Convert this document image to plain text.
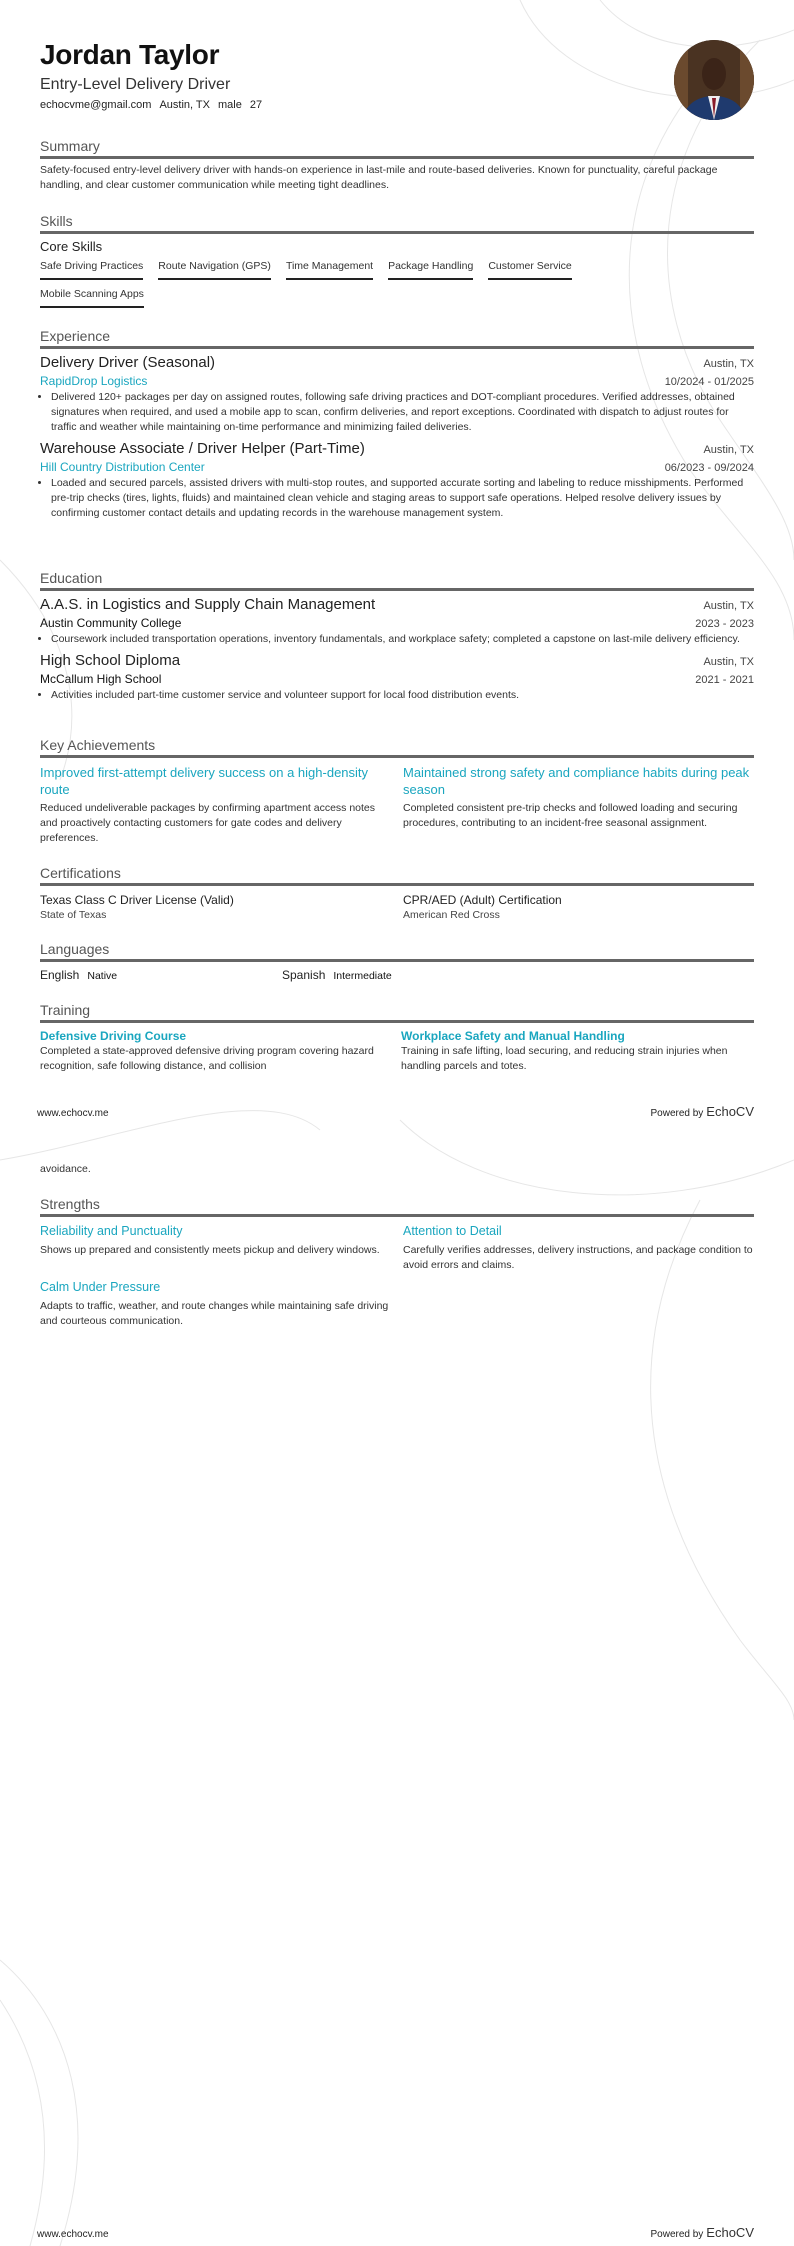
Jordan Taylor
Entry-Level Delivery Driver
echocvme@gmail.com Austin, TX male 27
Summary
Safety-focused entry-level delivery driver with hands-on experience in last-mile and route-based deliveries. Known for punctuality, careful package handling, and clear customer communication while meeting tight deadlines.
Skills
Core Skills
Safe Driving Practices Route Navigation (GPS) Time Management Package Handling Customer Service
Mobile Scanning Apps
Experience
Delivery Driver (Seasonal)	Austin, TX
RapidDrop Logistics	10/2024 - 01/2025
• Delivered 120+ packages per day on assigned routes, following safe driving practices and DOT-compliant procedures. Verified addresses, obtained signatures when required, and used a mobile app to scan, confirm deliveries, and report exceptions. Coordinated with dispatch to adjust routes for traffic and weather while maintaining on-time performance and minimizing failed deliveries.
Warehouse Associate / Driver Helper (Part-Time)	Austin, TX
Hill Country Distribution Center	06/2023 - 09/2024
• Loaded and secured parcels, assisted drivers with multi-stop routes, and supported accurate sorting and labeling to reduce misshipments. Performed pre-trip checks (tires, lights, fluids) and maintained clean vehicle and staging areas to support safe operations. Helped resolve delivery issues by confirming customer contact details and updating records in the warehouse management system.
Education
A.A.S. in Logistics and Supply Chain Management	Austin, TX
Austin Community College	2023 - 2023
• Coursework included transportation operations, inventory fundamentals, and workplace safety; completed a capstone on last-mile delivery efficiency.
High School Diploma	Austin, TX
McCallum High School	2021 - 2021
• Activities included part-time customer service and volunteer support for local food distribution events.
Key Achievements
Improved first-attempt delivery success on a high-density route
Reduced undeliverable packages by confirming apartment access notes and proactively contacting customers for gate codes and delivery preferences.
Maintained strong safety and compliance habits during peak season
Completed consistent pre-trip checks and followed loading and securing procedures, contributing to an incident-free seasonal assignment.
Certifications
Texas Class C Driver License (Valid)
State of Texas
CPR/AED (Adult) Certification
American Red Cross
Languages
English Native	Spanish Intermediate
Training
Defensive Driving Course
Completed a state-approved defensive driving program covering hazard recognition, safe following distance, and collision
Workplace Safety and Manual Handling
Training in safe lifting, load securing, and reducing strain injuries when handling parcels and totes.
www.echocv.me	Powered by EchoCV
avoidance.
Strengths
Reliability and Punctuality
Shows up prepared and consistently meets pickup and delivery windows.
Attention to Detail
Carefully verifies addresses, delivery instructions, and package condition to avoid errors and claims.
Calm Under Pressure
Adapts to traffic, weather, and route changes while maintaining safe driving and courteous communication.
www.echocv.me	Powered by EchoCV
